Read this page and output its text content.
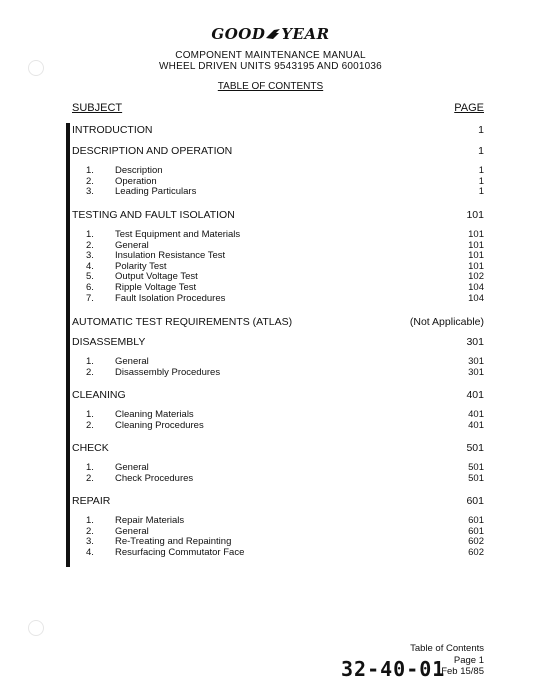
GOOD YEAR
COMPONENT MAINTENANCE MANUAL
WHEEL DRIVEN UNITS 9543195 AND 6001036
TABLE OF CONTENTS
SUBJECT	PAGE
INTRODUCTION	1
DESCRIPTION AND OPERATION	1
1. Description	1
2. Operation	1
3. Leading Particulars	1
TESTING AND FAULT ISOLATION	101
1. Test Equipment and Materials	101
2. General	101
3. Insulation Resistance Test	101
4. Polarity Test	101
5. Output Voltage Test	102
6. Ripple Voltage Test	104
7. Fault Isolation Procedures	104
AUTOMATIC TEST REQUIREMENTS (ATLAS)	(Not Applicable)
DISASSEMBLY	301
1. General	301
2. Disassembly Procedures	301
CLEANING	401
1. Cleaning Materials	401
2. Cleaning Procedures	401
CHECK	501
1. General	501
2. Check Procedures	501
REPAIR	601
1. Repair Materials	601
2. General	601
3. Re-Treating and Repainting	602
4. Resurfacing Commutator Face	602
Table of Contents
Page 1
Feb 15/85
32-40-01
